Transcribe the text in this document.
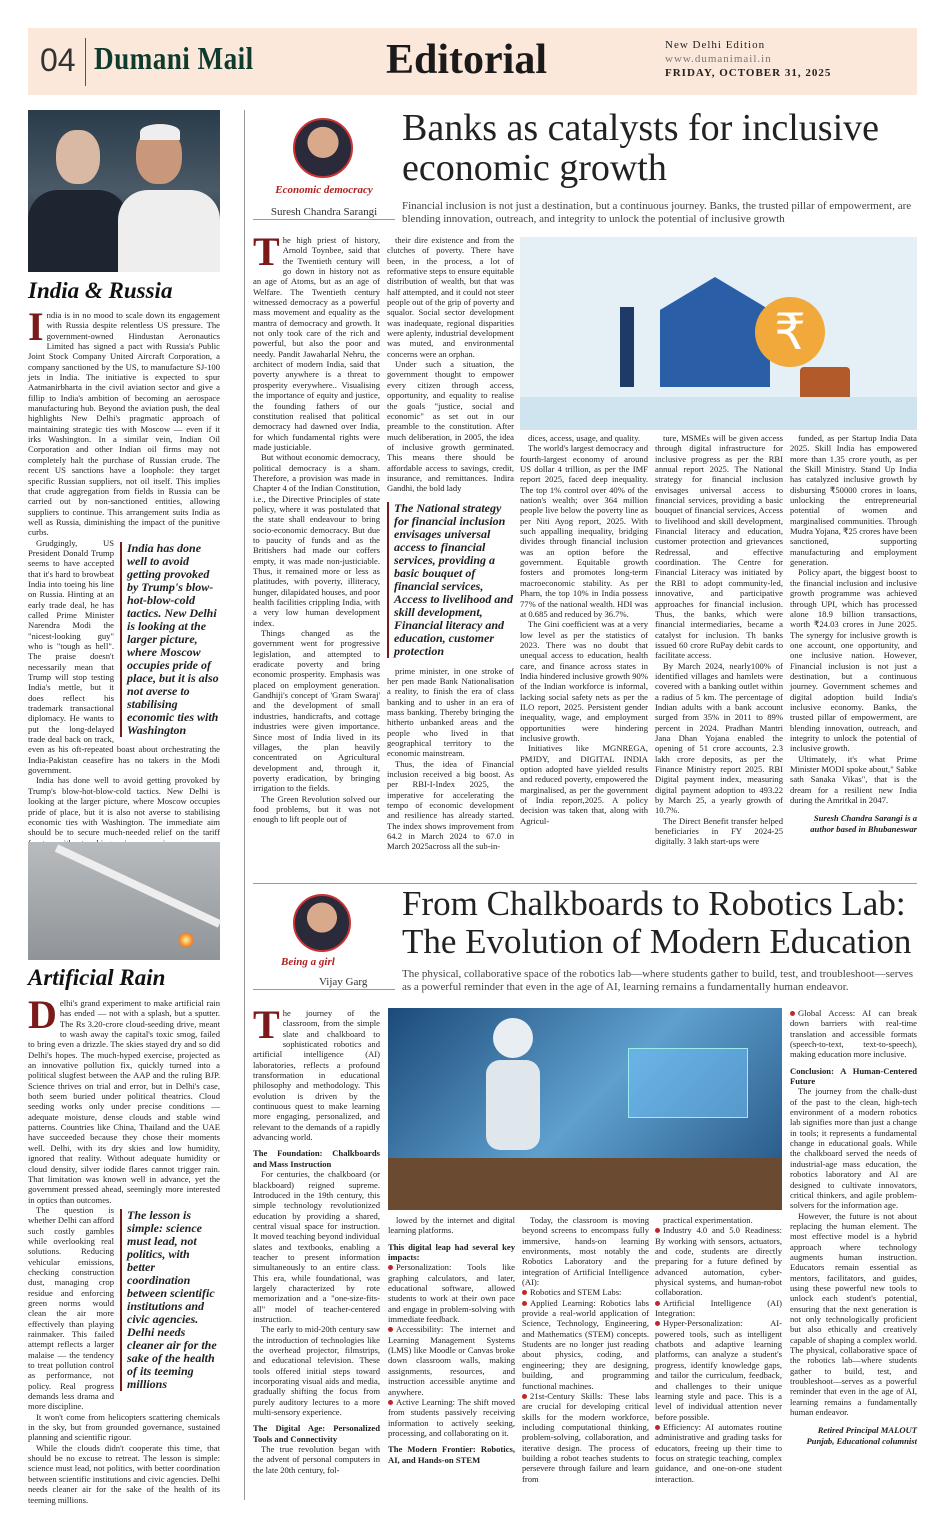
04 Dumani Mail	Editorial	New Delhi Edition
www.dumanimail.in
FRIDAY, OCTOBER 31, 2025
India & Russia

India is in no mood to scale down its engagement with Russia despite relentless US pressure. The government-owned Hindustan Aeronautics Limited has signed a pact with Russia's Public Joint Stock Company United Aircraft Corporation, a company sanctioned by the US, to manufacture SJ-100 jets in India. The initiative is expected to spur Aatmanirbharta in the civil aviation sector and give a fillip to India's ambition of becoming an aerospace manufacturing hub. Beyond the aviation push, the deal highlights New Delhi's pragmatic approach of maintaining strategic ties with Moscow — even if it irks Washington. In a similar vein, Indian Oil Corporation and other Indian oil firms may not completely halt the purchase of Russian crude. The recent US sanctions have a loophole: they target specific Russian suppliers, not oil itself. This implies that crude aggregation from fields in Russia can be carried out by non-sanctioned entities, allowing suppliers to continue. This arrangement suits India as well as Russia, diminishing the impact of the punitive curbs.

India has done well to avoid getting provoked by Trump's blow-hot-blow-cold tactics. New Delhi is looking at the larger picture, where Moscow occupies pride of place, but it is also not averse to stabilising economic ties with Washington

Grudgingly, US President Donald Trump seems to have accepted that it's hard to browbeat India into toeing his line on Russia. Hinting at an early trade deal, he has called Prime Minister Narendra Modi the "nicest-looking guy" who is "tough as hell". The praise doesn't necessarily mean that Trump will stop testing India's mettle, but it does reflect his trademark transactional diplomacy. He wants to put the long-delayed trade deal back on track, even as his oft-repeated boast about orchestrating the India-Pakistan ceasefire has no takers in the Modi government.

India has done well to avoid getting provoked by Trump's blow-hot-blow-cold tactics. New Delhi is looking at the larger picture, where Moscow occupies pride of place, but it is also not averse to stabilising economic ties with Washington. The immediate aim should be to secure much-needed relief on the tariff

Artificial Rain

Delhi's grand experiment to make artificial rain has ended — not with a splash, but a sputter. The Rs 3.20-crore cloud-seeding drive, meant to wash away the capital's toxic smog, failed to bring even a drizzle. The skies stayed dry and so did Delhi's hopes. The much-hyped exercise, projected as an innovative pollution fix, quickly turned into a political slugfest between the AAP and the ruling BJP. Science thrives on trial and error, but in Delhi's case, both seem buried under political theatrics. Cloud seeding works only under precise conditions — adequate moisture, dense clouds and stable wind patterns. Countries like China, Thailand and the UAE have succeeded because they chose their moments well. Delhi, with its dry skies and low humidity, ignored that reality. Without adequate humidity or cloud density, silver iodide flares cannot trigger rain. That limitation was known well in advance, yet the government pressed ahead, seemingly more interested in optics than outcomes.

The lesson is simple: science must lead, not politics, with better coordination between scientific institutions and civic agencies. Delhi needs cleaner air for the sake of the health of its teeming millions

The question is whether Delhi can afford such costly gambles while overlooking real solutions. Reducing vehicular emissions, checking construction dust, managing crop residue and enforcing green norms would clean the air more effectively than playing rainmaker. This failed attempt reflects a larger malaise — the tendency to treat pollution control as performance, not policy. Real progress demands less drama and more discipline.

It won't come from helicopters scattering chemicals in the sky, but from grounded governance, sustained planning and scientific rigour.

While the clouds didn't cooperate this time, that should be no excuse to retreat. The lesson is simple: science must lead, not politics, with better coordination between scientific institutions and civic agencies. Delhi needs cleaner air for the sake of the health of its teeming millions.

Economic democracy
Suresh Chandra Sarangi
Banks as catalysts for inclusive economic growth
Financial inclusion is not just a destination, but a continuous journey. Banks, the trusted pillar of empowerment, are blending innovation, outreach, and integrity to unlock the potential of inclusive growth
₹

The high priest of history, Arnold Toynbee, said that the Twentieth century will go down in history not as an age of Atoms, but as an age of Welfare. The Twentieth century witnessed democracy as a powerful mass movement and equality as the mantra of democracy and growth. It not only took care of the rich and powerful, but also the poor and needy. Pandit Jawaharlal Nehru, the architect of modern India, said that poverty anywhere is a threat to prosperity everywhere.. Visualising the importance of equity and justice, the founding fathers of our constitution realised that political democracy had dawned over India, for which fundamental rights were made justiciable.

But without economic democracy, political democracy is a sham. Therefore, a provision was made in Chapter 4 of the Indian Constitution, i.e., the Directive Principles of state policy, where it was postulated that the state shall endeavour to bring socio-economic democracy. But due to paucity of funds and as the Britishers had made our coffers empty, it was made non-justiciable. Thus, it remained more or less as platitudes, with poverty, illiteracy, hunger, dilapidated houses, and poor health facilities crippling India, with a very low human development index.

Things changed as the government went for progressive legislation, and attempted to eradicate poverty and bring economic prosperity. Emphasis was placed on employment generation. Gandhiji's concept of 'Gram Swaraj' and the development of small industries, handicrafts, and cottage industries were given importance. Since most of India lived in its villages, the plan heavily concentrated on Agricultural development and, through it, poverty eradication, by bringing irrigation to the fields.

The Green Revolution solved our food problems, but it was not enough to lift people out of

their dire existence and from the clutches of poverty. There have been, in the process, a lot of reformative steps to ensure equitable distribution of wealth, but that was half attempted, and it could not steer people out of the grip of poverty and squalor. Social sector development was inadequate, regional disparities were aplenty, industrial development was muted, and environmental concerns were an orphan.

Under such a situation, the government thought to empower every citizen through access, opportunity, and equality to realise the goals "justice, social and economic" as set out in our preamble to the constitution. After much deliberation, in 2005, the idea of inclusive growth germinated. This means there should be affordable access to savings, credit, insurance, and remittances. Indira Gandhi, the bold lady

The National strategy for financial inclusion envisages universal access to financial services, providing a basic bouquet of financial services, Access to livelihood and skill development, Financial literacy and education, customer protection

prime minister, in one stroke of her pen made Bank Nationalisation a reality, to finish the era of class banking and to usher in an era of mass banking. Thereby bringing the hitherto unbanked areas and the people who lived in that geographical territory to the economic mainstream.

Thus, the idea of Financial inclusion received a big boost. As per RBI-I-Index 2025, the imperative for accelerating the tempo of economic development and resilience has already started. The index shows improvement from 64.2 in March 2024 to 67.0 in March 2025across all the sub-in-

dices, access, usage, and quality.

The world's largest democracy and fourth-largest economy of around US dollar 4 trillion, as per the IMF report 2025, faced deep inequality. The top 1% control over 40% of the nation's wealth; over 364 million people live below the poverty line as per Niti Ayog report, 2025. With such appalling inequality, bridging divides through financial inclusion was an option before the government. Equitable growth fosters and promotes long-term macroeconomic stability. As per Pharn, the top 10% in India possess 77% of the national wealth. HDI was at 0.685 and reduced by 36.7%.

The Gini coefficient was at a very low level as per the statistics of 2023. There was no doubt that unequal access to education, health care, and finance across states in India hindered inclusive growth 90% of the Indian workforce is informal, lacking social safety nets as per the ILO report, 2025. Persistent gender inequality, wage, and employment opportunities were hindering inclusive growth.

Initiatives like MGNREGA, PMJDY, and DIGITAL INDIA option adopted have yielded results and reduced poverty, empowered the marginalised, as per the government of India report,2025. A policy decision was taken that, along with Agricul-

ture, MSMEs will be given access through digital infrastructure for inclusive progress as per the RBI annual report 2025. The National strategy for financial inclusion envisages universal access to financial services, providing a basic bouquet of financial services, Access to livelihood and skill development, Financial literacy and education, customer protection and grievances Redressal, and effective coordination. The Centre for Financial Literacy was initiated by the RBI to adopt community-led, innovative, and participative approaches for financial inclusion. Thus, the banks, which were financial intermediaries, became a catalyst for inclusion. Th banks issued 60 crore RuPay debit cards to facilitate access.

By March 2024, nearly100% of identified villages and hamlets were covered with a banking outlet within a radius of 5 km. The percentage of Indian adults with a bank account surged from 35% in 2011 to 89% percent in 2024. Pradhan Mantri Jana Dhan Yojana enabled the opening of 51 crore accounts, 2.3 lakh crore deposits, as per the Finance Ministry report 2025. RBI Digital payment index, measuring digital payment adoption to 493.22 by March 25, a yearly growth of 10.7%.

The Direct Benefit transfer helped beneficiaries in FY 2024-25 digitally. 3 lakh start-ups were

funded, as per Startup India Data 2025. Skill India has empowered more than 1.35 crore youth, as per the Skill Ministry. Stand Up India has catalyzed inclusive growth by disbursing ₹50000 crores in loans, unlocking the entrepreneurial potential of women and marginalised communities. Through Mudra Yojana, ₹25 crores have been sanctioned, supporting manufacturing and employment generation.

Policy apart, the biggest boost to the financial inclusion and inclusive growth programme was achieved through UPI, which has processed alone 18.9 billion transactions, worth ₹24.03 crores in June 2025. The synergy for inclusive growth is one account, one opportunity, and one inclusive nation. However, Financial inclusion is not just a destination, but a continuous journey. Government schemes and digital adoption build India's inclusive economy. Banks, the trusted pillar of empowerment, are blending innovation, outreach, and integrity to unlock the potential of inclusive growth.

Ultimately, it's what Prime Minister MODI spoke about," Sabke sath Sanaka Vikas", that is the dream for a resilient new India during the Amritkal in 2047.

Suresh Chandra Sarangi is a author based in Bhubaneswar

Being a girl
Vijay Garg
From Chalkboards to Robotics Lab: The Evolution of Modern Education
The physical, collaborative space of the robotics lab—where students gather to build, test, and troubleshoot—serves as a powerful reminder that even in the age of AI, learning remains a fundamentally human endeavor.

The journey of the classroom, from the simple slate and chalkboard to sophisticated robotics and artificial intelligence (AI) laboratories, reflects a profound transformation in educational philosophy and methodology. This evolution is driven by the continuous quest to make learning more engaging, personalized, and relevant to the demands of a rapidly advancing world.

The Foundation: Chalkboards and Mass Instruction

For centuries, the chalkboard (or blackboard) reigned supreme. Introduced in the 19th century, this simple technology revolutionized education by providing a shared, central visual space for instruction. It moved teaching beyond individual slates and textbooks, enabling a teacher to present information simultaneously to an entire class. This era, while foundational, was largely characterized by rote memorization and a "one-size-fits-all" model of teacher-centered instruction.

The early to mid-20th century saw the introduction of technologies like the overhead projector, filmstrips, and educational television. These tools offered initial steps toward incorporating visual aids and media, gradually shifting the focus from purely auditory lectures to a more multi-sensory experience.

The Digital Age: Personalized Tools and Connectivity

The true revolution began with the advent of personal computers in the late 20th century, fol-

lowed by the internet and digital learning platforms.

This digital leap had several key impacts:

Personalization: Tools like graphing calculators, and later, educational software, allowed students to work at their own pace and engage in problem-solving with immediate feedback.

Accessibility: The internet and Learning Management Systems (LMS) like Moodle or Canvas broke down classroom walls, making assignments, resources, and instruction accessible anytime and anywhere.

Active Learning: The shift moved from students passively receiving information to actively seeking, processing, and collaborating on it.

The Modern Frontier: Robotics, AI, and Hands-on STEM

Today, the classroom is moving beyond screens to encompass fully immersive, hands-on learning environments, most notably the Robotics Laboratory and the integration of Artificial Intelligence (AI):

Robotics and STEM Labs:

Applied Learning: Robotics labs provide a real-world application of Science, Technology, Engineering, and Mathematics (STEM) concepts. Students are no longer just reading about physics, coding, and engineering; they are designing, building, and programming functional machines.

21st-Century Skills: These labs are crucial for developing critical skills for the modern workforce, including computational thinking, problem-solving, collaboration, and iterative design. The process of building a robot teaches students to persevere through failure and learn from

practical experimentation.

Industry 4.0 and 5.0 Readiness: By working with sensors, actuators, and code, students are directly preparing for a future defined by advanced automation, cyber-physical systems, and human-robot collaboration.

Artificial Intelligence (AI) Integration:

Hyper-Personalization: AI-powered tools, such as intelligent chatbots and adaptive learning platforms, can analyze a student's progress, identify knowledge gaps, and tailor the curriculum, feedback, and challenges to their unique learning style and pace. This is a level of individual attention never before possible.

Efficiency: AI automates routine administrative and grading tasks for educators, freeing up their time to focus on strategic teaching, complex guidance, and one-on-one student interaction.

Global Access: AI can break down barriers with real-time translation and accessible formats (speech-to-text, text-to-speech), making education more inclusive.

Conclusion: A Human-Centered Future

The journey from the chalk-dust of the past to the clean, high-tech environment of a modern robotics lab signifies more than just a change in tools; it represents a fundamental change in educational goals. While the chalkboard served the needs of industrial-age mass education, the robotics laboratory and AI are designed to cultivate innovators, critical thinkers, and agile problem-solvers for the information age.

However, the future is not about replacing the human element. The most effective model is a hybrid approach where technology augments human instruction. Educators remain essential as mentors, facilitators, and guides, using these powerful new tools to unlock each student's potential, ensuring that the next generation is not only technologically proficient but also ethically and creatively capable of shaping a complex world. The physical, collaborative space of the robotics lab—where students gather to build, test, and troubleshoot—serves as a powerful reminder that even in the age of AI, learning remains a fundamentally human endeavor.

Retired Principal MALOUT Punjab, Educational columnist
